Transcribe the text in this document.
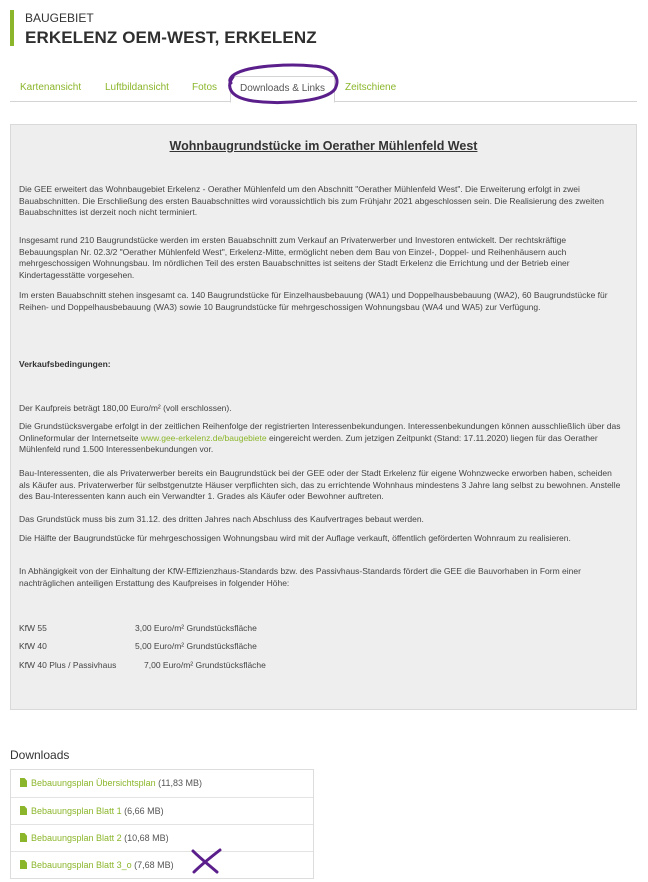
BAUGEBIET
ERKELENZ OEM-WEST, ERKELENZ
Kartenansicht Luftbildansicht Fotos	Downloads & Links	Zeitschiene
Wohnbaugrundstücke im Oerather Mühlenfeld West

Die GEE erweitert das Wohnbaugebiet Erkelenz - Oerather Mühlenfeld um den Abschnitt "Oerather Mühlenfeld West". Die Erweiterung erfolgt in zwei Bauabschnitten. Die Erschließung des ersten Bauabschnittes wird voraussichtlich bis zum Frühjahr 2021 abgeschlossen sein. Die Realisierung des zweiten Bauabschnittes ist derzeit noch nicht terminiert.

Insgesamt rund 210 Baugrundstücke werden im ersten Bauabschnitt zum Verkauf an Privaterwerber und Investoren entwickelt. Der rechtskräftige Bebauungsplan Nr. 02.3/2 "Oerather Mühlenfeld West", Erkelenz-Mitte, ermöglicht neben dem Bau von Einzel-, Doppel- und Reihenhäusern auch mehrgeschossigen Wohnungsbau. Im nördlichen Teil des ersten Bauabschnittes ist seitens der Stadt Erkelenz die Errichtung und der Betrieb einer Kindertagesstätte vorgesehen.

Im ersten Bauabschnitt stehen insgesamt ca. 140 Baugrundstücke für Einzelhausbebauung (WA1) und Doppelhausbebauung (WA2), 60 Baugrundstücke für Reihen- und Doppelhausbebauung (WA3) sowie 10 Baugrundstücke für mehrgeschossigen Wohnungsbau (WA4 und WA5) zur Verfügung.

Verkaufsbedingungen:

Der Kaufpreis beträgt 180,00 Euro/m² (voll erschlossen).

Die Grundstücksvergabe erfolgt in der zeitlichen Reihenfolge der registrierten Interessenbekundungen. Interessenbekundungen können ausschließlich über das Onlineformular der Internetseite www.gee-erkelenz.de/baugebiete eingereicht werden. Zum jetzigen Zeitpunkt (Stand: 17.11.2020) liegen für das Oerather Mühlenfeld rund 1.500 Interessenbekundungen vor.

Bau-Interessenten, die als Privaterwerber bereits ein Baugrundstück bei der GEE oder der Stadt Erkelenz für eigene Wohnzwecke erworben haben, scheiden als Käufer aus. Privaterwerber für selbstgenutzte Häuser verpflichten sich, das zu errichtende Wohnhaus mindestens 3 Jahre lang selbst zu bewohnen. Anstelle des Bau-Interessenten kann auch ein Verwandter 1. Grades als Käufer oder Bewohner auftreten.

Das Grundstück muss bis zum 31.12. des dritten Jahres nach Abschluss des Kaufvertrages bebaut werden.

Die Hälfte der Baugrundstücke für mehrgeschossigen Wohnungsbau wird mit der Auflage verkauft, öffentlich geförderten Wohnraum zu realisieren.

In Abhängigkeit von der Einhaltung der KfW-Effizienzhaus-Standards bzw. des Passivhaus-Standards fördert die GEE die Bauvorhaben in Form einer nachträglichen anteiligen Erstattung des Kaufpreises in folgender Höhe:

KfW 55	3,00 Euro/m² Grundstücksfläche
KfW 40	5,00 Euro/m² Grundstücksfläche
KfW 40 Plus / Passivhaus	7,00 Euro/m² Grundstücksfläche
Downloads
Bebauungsplan Übersichtsplan (11,83 MB)
Bebauungsplan Blatt 1 (6,66 MB)
Bebauungsplan Blatt 2 (10,68 MB)
Bebauungsplan Blatt 3_o (7,68 MB)
